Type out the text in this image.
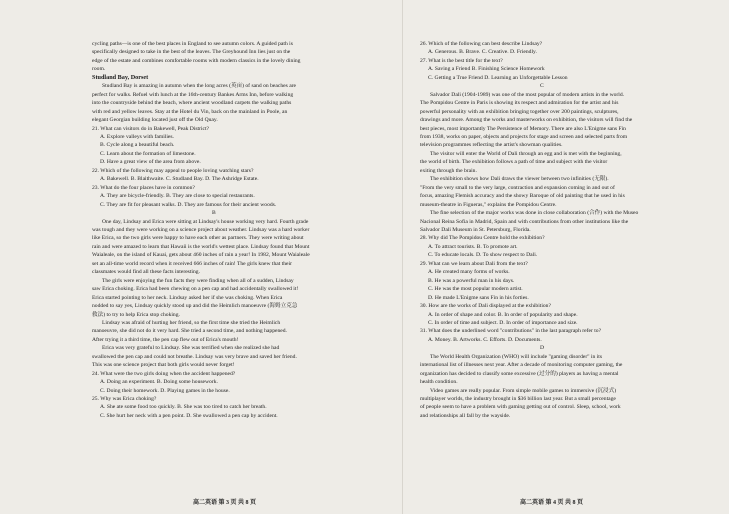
cycling paths—is one of the best places in England to see autumn colors. A guided path is

specifically designed to take in the best of the leaves. The Greyhound Inn lies just on the

edge of the estate and combines comfortable rooms with modern classics in the lovely dining

room.

Studland Bay, Dorset

Studland Bay is amazing in autumn when the long acres (英亩) of sand on beaches are

perfect for walks. Refuel with lunch at the 16th-century Bankes Arms Inn, before walking

into the countryside behind the beach, where ancient woodland carpets the walking paths

with red and yellow leaves. Stay at the Hotel du Vin, back on the mainland in Poole, an

elegant Georgian building located just off the Old Quay.

21. What can visitors do in Bakewell, Peak District?

A. Explore valleys with families.

B. Cycle along a beautiful beach.

C. Learn about the formation of limestone.

D. Have a great view of the area from above.

22. Which of the following may appeal to people loving watching stars?

A. Bakewell. B. Blaithwaite. C. Studland Bay. D. The Ashridge Estate.

23. What do the four places have in common?

A. They are bicycle-friendly. B. They are close to special restaurants.

C. They are fit for pleasant walks. D. They are famous for their ancient woods.

B

One day, Lindsay and Erica were sitting at Lindsay's house working very hard. Fourth grade

was tough and they were working on a science project about weather. Lindsay was a hard worker

like Erica, so the two girls were happy to have each other as partners. They were writing about

rain and were amazed to learn that Hawaii is the world's wettest place. Lindsay found that Mount

Waialeale, on the island of Kauai, gets about 460 inches of rain a year! In 1982, Mount Waialeale

set an all-time world record when it received 666 inches of rain! The girls knew that their

classmates would find all these facts interesting.

The girls were enjoying the fun facts they were finding when all of a sudden, Lindsay

saw Erica choking. Erica had been chewing on a pen cap and had accidentally swallowed it!

Erica started pointing to her neck. Lindsay asked her if she was choking. When Erica

nodded to say yes, Lindsay quickly stood up and did the Heimlich manoeuvre (海姆立克急

救法) to try to help Erica stop choking.

Lindsay was afraid of hurting her friend, so the first time she tried the Heimlich

manoeuvre, she did not do it very hard. She tried a second time, and nothing happened.

After trying it a third time, the pen cap flew out of Erica's mouth!

Erica was very grateful to Lindsay. She was terrified when she realized she had

swallowed the pen cap and could not breathe. Lindsay was very brave and saved her friend.

This was one science project that both girls would never forget!

24. What were the two girls doing when the accident happened?

A. Doing an experiment. B. Doing some housework.

C. Doing their homework. D. Playing games in the house.

25. Why was Erica choking?

A. She ate some food too quickly. B. She was too tired to catch her breath.

C. She hurt her neck with a pen point. D. She swallowed a pen cap by accident.

26. Which of the following can best describe Lindsay?

A. Generous. B. Brave. C. Creative. D. Friendly.

27. What is the best title for the text?

A. Saving a Friend B. Finishing Science Homework

C. Getting a True Friend D. Learning an Unforgettable Lesson

C

Salvador Dali (1904-1989) was one of the most popular of modern artists in the world.

The Pompidou Centre in Paris is showing its respect and admiration for the artist and his

powerful personality with an exhibition bringing together over 200 paintings, sculptures,

drawings and more. Among the works and masterworks on exhibition, the visitors will find the

best pieces, most importantly The Persistence of Memory. There are also L'Enigme sans Fin

from 1938, works on paper, objects and projects for stage and screen and selected parts from

television programmes reflecting the artist's showman qualities.

The visitor will enter the World of Dali through an egg and is met with the beginning,

the world of birth. The exhibition follows a path of time and subject with the visitor

exiting through the brain.

The exhibition shows how Dali draws the viewer between two infinities (无限).

"From the very small to the very large, contraction and expansion coming in and out of

focus, amazing Flemish accuracy and the showy Baroque of old painting that he used in his

museum-theatre in Figueras," explains the Pompidou Centre.

The fine selection of the major works was done in close collaboration (合作) with the Museo

Nacional Reina Sofia in Madrid, Spain and with contributions from other institutions like the

Salvador Dali Museum in St. Petersburg, Florida.

28. Why did The Pompidou Centre hold the exhibition?

A. To attract tourists. B. To promote art.

C. To educate locals. D. To show respect to Dali.

29. What can we learn about Dali from the text?

A. He created many forms of works.

B. He was a powerful man in his days.

C. He was the most popular modern artist.

D. He made L'Enigme sans Fin in his forties.

30. How are the works of Dali displayed at the exhibition?

A. In order of shape and color. B. In order of popularity and shape.

C. In order of time and subject. D. In order of importance and size.

31. What does the underlined word "contributions" in the last paragraph refer to?

A. Money. B. Artworks. C. Efforts. D. Documents.

D

The World Health Organization (WHO) will include "gaming disorder" in its

international list of illnesses next year. After a decade of monitoring computer gaming, the

organization has decided to classify some excessive (过分的) players as having a mental

health condition.

Video games are really popular. From simple mobile games to immersive (沉浸式)

multiplayer worlds, the industry brought in $36 billion last year. But a small percentage

of people seem to have a problem with gaming getting out of control. Sleep, school, work

and relationships all fall by the wayside.

高二英语 第 3 页 共 8 页	高二英语 第 4 页 共 8 页
